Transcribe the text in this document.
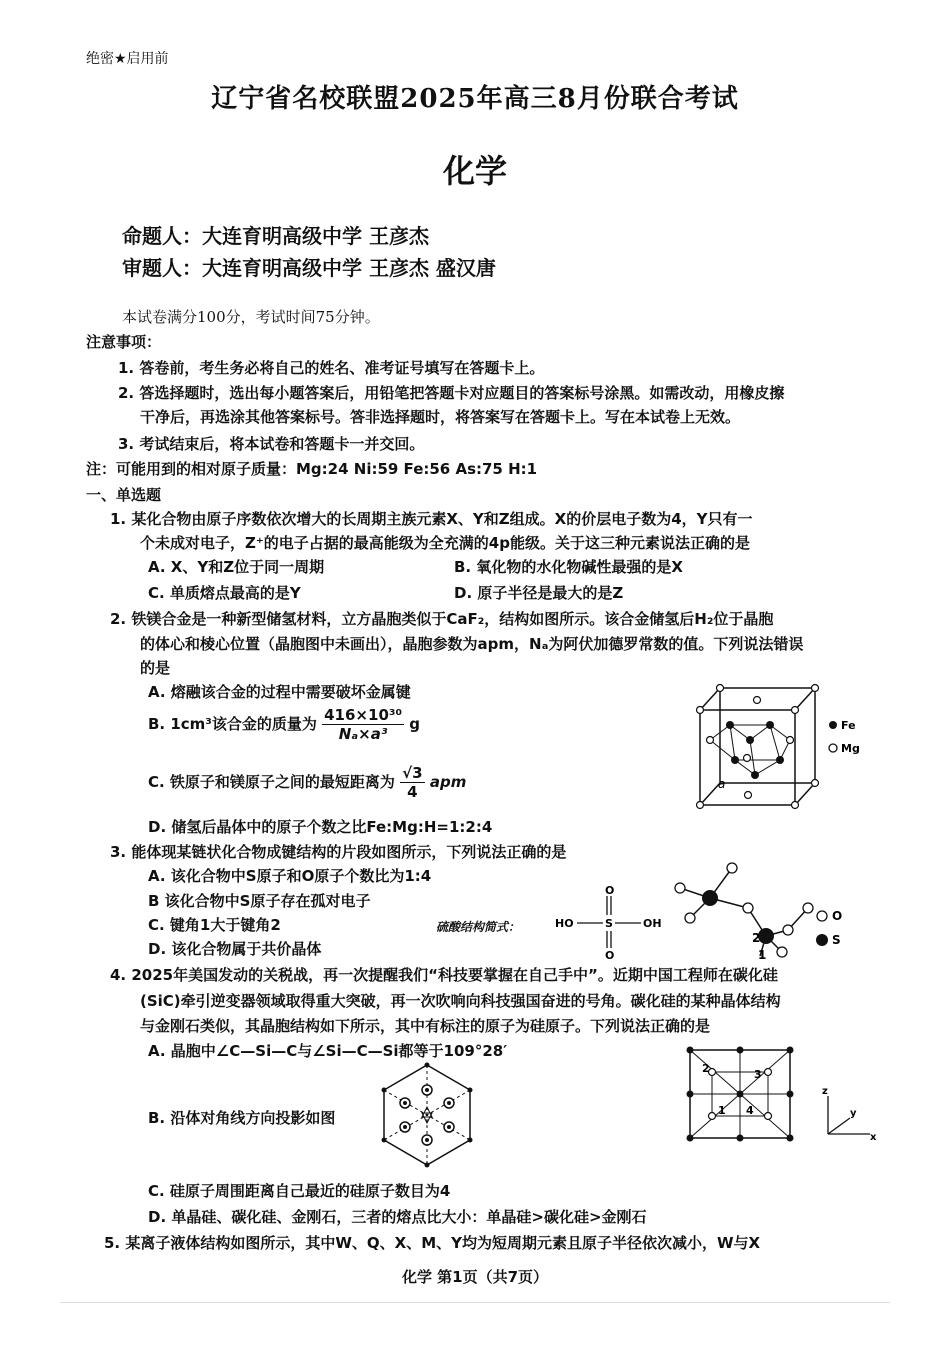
绝密★启用前
辽宁省名校联盟2025年高三8月份联合考试
化学
命题人：大连育明高级中学 王彦杰
审题人：大连育明高级中学 王彦杰 盛汉唐
本试卷满分100分，考试时间75分钟。
注意事项：
1. 答卷前，考生务必将自己的姓名、准考证号填写在答题卡上。
2. 答选择题时，选出每小题答案后，用铅笔把答题卡对应题目的答案标号涂黑。如需改动，用橡皮擦
干净后，再选涂其他答案标号。答非选择题时，将答案写在答题卡上。写在本试卷上无效。
3. 考试结束后，将本试卷和答题卡一并交回。
注：可能用到的相对原子质量：Mg:24 Ni:59 Fe:56 As:75 H:1
一、单选题
1. 某化合物由原子序数依次增大的长周期主族元素X、Y和Z组成。X的价层电子数为4，Y只有一
个未成对电子，Z⁺的电子占据的最高能级为全充满的4p能级。关于这三种元素说法正确的是
A. X、Y和Z位于同一周期	B. 氧化物的水化物碱性最强的是X
C. 单质熔点最高的是Y	D. 原子半径是最大的是Z
2. 铁镁合金是一种新型储氢材料，立方晶胞类似于CaF₂，结构如图所示。该合金储氢后H₂位于晶胞
的体心和棱心位置（晶胞图中未画出），晶胞参数为apm，Nₐ为阿伏加德罗常数的值。下列说法错误
的是
A. 熔融该合金的过程中需要破坏金属键
B. 1cm³该合金的质量为 $\frac{\text{416×10³⁰}}{\text{Nₐ×a³}}$ g
C. 铁原子和镁原子之间的最短距离为 $\frac{√3}{4}$ apm
D. 储氢后晶体中的原子个数之比Fe:Mg:H=1:2:4
a
Fe
Mg
3. 能体现某链状化合物成键结构的片段如图所示，下列说法正确的是
A. 该化合物中S原子和O原子个数比为1:4
B 该化合物中S原子存在孤对电子
C. 键角1大于键角2
D. 该化合物属于共价晶体
硫酸结构简式：	HO	S	OH
O
O
2
1
O
S
4. 2025年美国发动的关税战，再一次提醒我们“科技要掌握在自己手中”。近期中国工程师在碳化硅
(SiC)牵引逆变器领域取得重大突破，再一次吹响向科技强国奋进的号角。碳化硅的某种晶体结构
与金刚石类似，其晶胞结构如下所示，其中有标注的原子为硅原子。下列说法正确的是
A. 晶胞中∠C—Si—C与∠Si—C—Si都等于109°28′
B. 沿体对角线方向投影如图
C. 硅原子周围距离自己最近的硅原子数目为4
D. 单晶硅、碳化硅、金刚石，三者的熔点比大小：单晶硅>碳化硅>金刚石
2	3
1 4
z
y
x
5. 某离子液体结构如图所示，其中W、Q、X、M、Y均为短周期元素且原子半径依次减小，W与X
化学 第1页（共7页）
